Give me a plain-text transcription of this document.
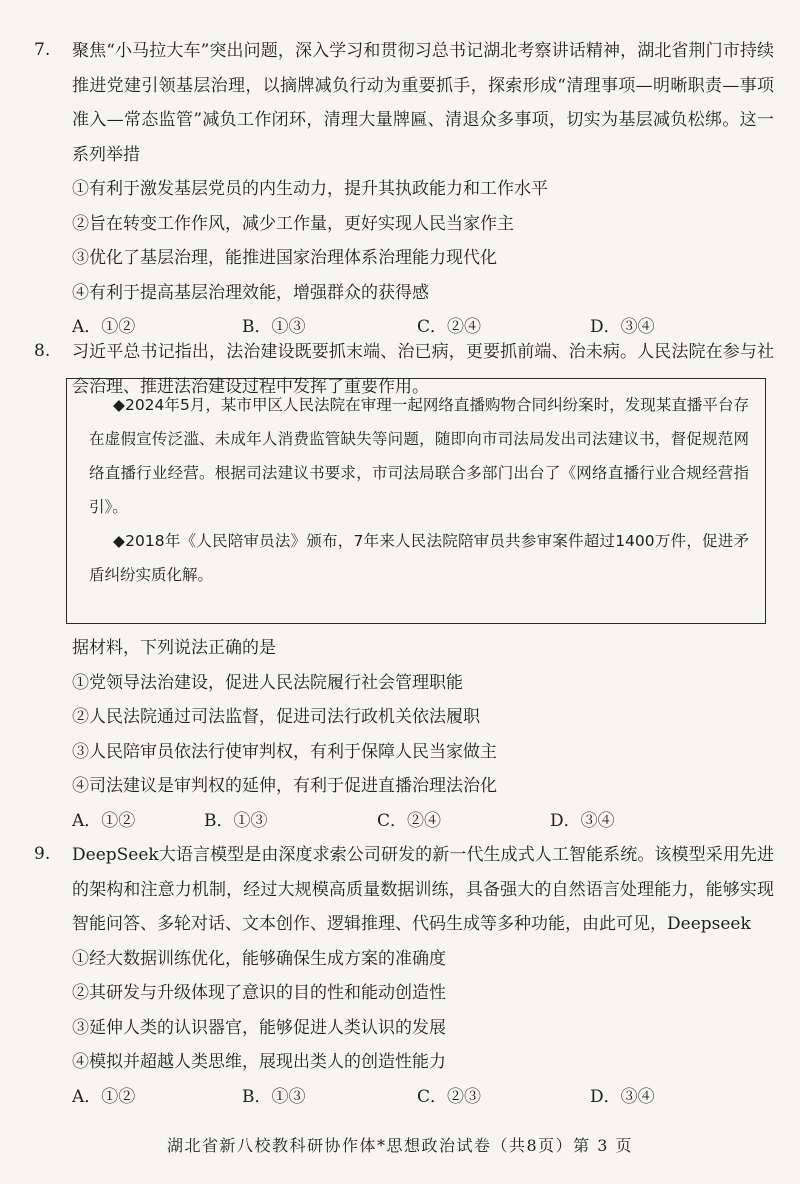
7. 聚焦“小马拉大车”突出问题，深入学习和贯彻习总书记湖北考察讲话精神，湖北省荆门市持续推进党建引领基层治理，以摘牌减负行动为重要抓手，探索形成“清理事项—明晰职责—事项准入—常态监管”减负工作闭环，清理大量牌匾、清退众多事项，切实为基层减负松绑。这一系列举措
①有利于激发基层党员的内生动力，提升其执政能力和工作水平
②旨在转变工作作风，减少工作量，更好实现人民当家作主
③优化了基层治理，能推进国家治理体系治理能力现代化
④有利于提高基层治理效能，增强群众的获得感
A．①②	B．①③	C．②④	D．③④
8. 习近平总书记指出，法治建设既要抓末端、治已病，更要抓前端、治未病。人民法院在参与社会治理、推进法治建设过程中发挥了重要作用。

◆2024年5月，某市甲区人民法院在审理一起网络直播购物合同纠纷案时，发现某直播平台存在虚假宣传泛滥、未成年人消费监管缺失等问题，随即向市司法局发出司法建议书，督促规范网络直播行业经营。根据司法建议书要求，市司法局联合多部门出台了《网络直播行业合规经营指引》。

◆2018年《人民陪审员法》颁布，7年来人民法院陪审员共参审案件超过1400万件，促进矛盾纠纷实质化解。

据材料，下列说法正确的是
①党领导法治建设，促进人民法院履行社会管理职能
②人民法院通过司法监督，促进司法行政机关依法履职
③人民陪审员依法行使审判权，有利于保障人民当家做主
④司法建议是审判权的延伸，有利于促进直播治理法治化
A．①②	B．①③	C．②④	D．③④
9. DeepSeek大语言模型是由深度求索公司研发的新一代生成式人工智能系统。该模型采用先进的架构和注意力机制，经过大规模高质量数据训练，具备强大的自然语言处理能力，能够实现智能问答、多轮对话、文本创作、逻辑推理、代码生成等多种功能，由此可见，Deepseek
①经大数据训练优化，能够确保生成方案的准确度
②其研发与升级体现了意识的目的性和能动创造性
③延伸人类的认识器官，能够促进人类认识的发展
④模拟并超越人类思维，展现出类人的创造性能力
A．①②	B．①③	C．②③	D．③④
湖北省新八校教科研协作体*思想政治试卷（共8页）第 3 页
